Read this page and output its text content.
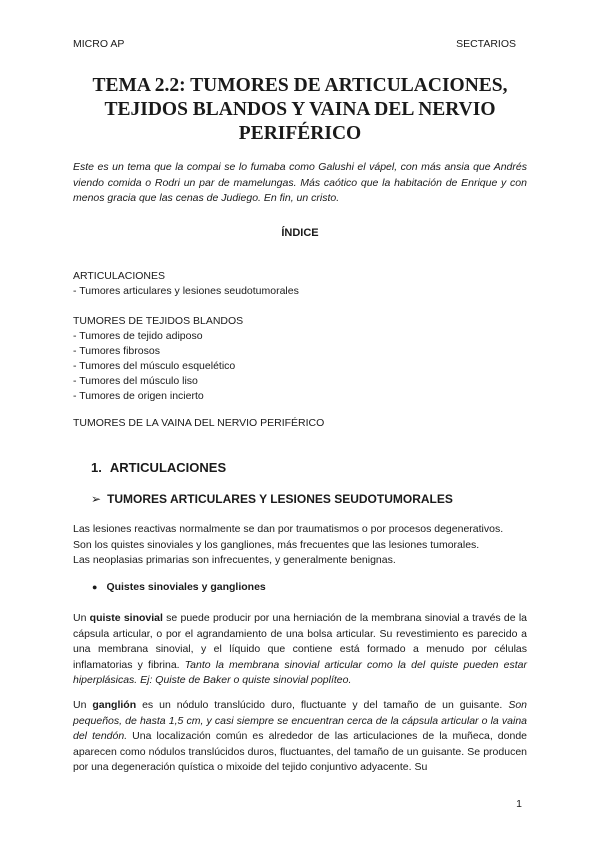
MICRO AP	SECTARIOS
TEMA 2.2: TUMORES DE ARTICULACIONES, TEJIDOS BLANDOS Y VAINA DEL NERVIO PERIFÉRICO

Este es un tema que la compai se lo fumaba como Galushi el vápel, con más ansia que Andrés viendo comida o Rodri un par de mamelungas. Más caótico que la habitación de Enrique y con menos gracia que las cenas de Judiego. En fin, un cristo.

ÍNDICE
ARTICULACIONES
- Tumores articulares y lesiones seudotumorales
TUMORES DE TEJIDOS BLANDOS
- Tumores de tejido adiposo
- Tumores fibrosos
- Tumores del músculo esquelético
- Tumores del músculo liso
- Tumores de origen incierto
TUMORES DE LA VAINA DEL NERVIO PERIFÉRICO
1. ARTICULACIONES
➢ TUMORES ARTICULARES Y LESIONES SEUDOTUMORALES
Las lesiones reactivas normalmente se dan por traumatismos o por procesos degenerativos.
Son los quistes sinoviales y los gangliones, más frecuentes que las lesiones tumorales.
Las neoplasias primarias son infrecuentes, y generalmente benignas.
● Quistes sinoviales y gangliones

Un quiste sinovial se puede producir por una herniación de la membrana sinovial a través de la cápsula articular, o por el agrandamiento de una bolsa articular. Su revestimiento es parecido a una membrana sinovial, y el líquido que contiene está formado a menudo por células inflamatorias y fibrina. Tanto la membrana sinovial articular como la del quiste pueden estar hiperplásicas. Ej: Quiste de Baker o quiste sinovial poplíteo.

Un ganglión es un nódulo translúcido duro, fluctuante y del tamaño de un guisante. Son pequeños, de hasta 1,5 cm, y casi siempre se encuentran cerca de la cápsula articular o la vaina del tendón. Una localización común es alrededor de las articulaciones de la muñeca, donde aparecen como nódulos translúcidos duros, fluctuantes, del tamaño de un guisante. Se producen por una degeneración quística o mixoide del tejido conjuntivo adyacente. Su

1
